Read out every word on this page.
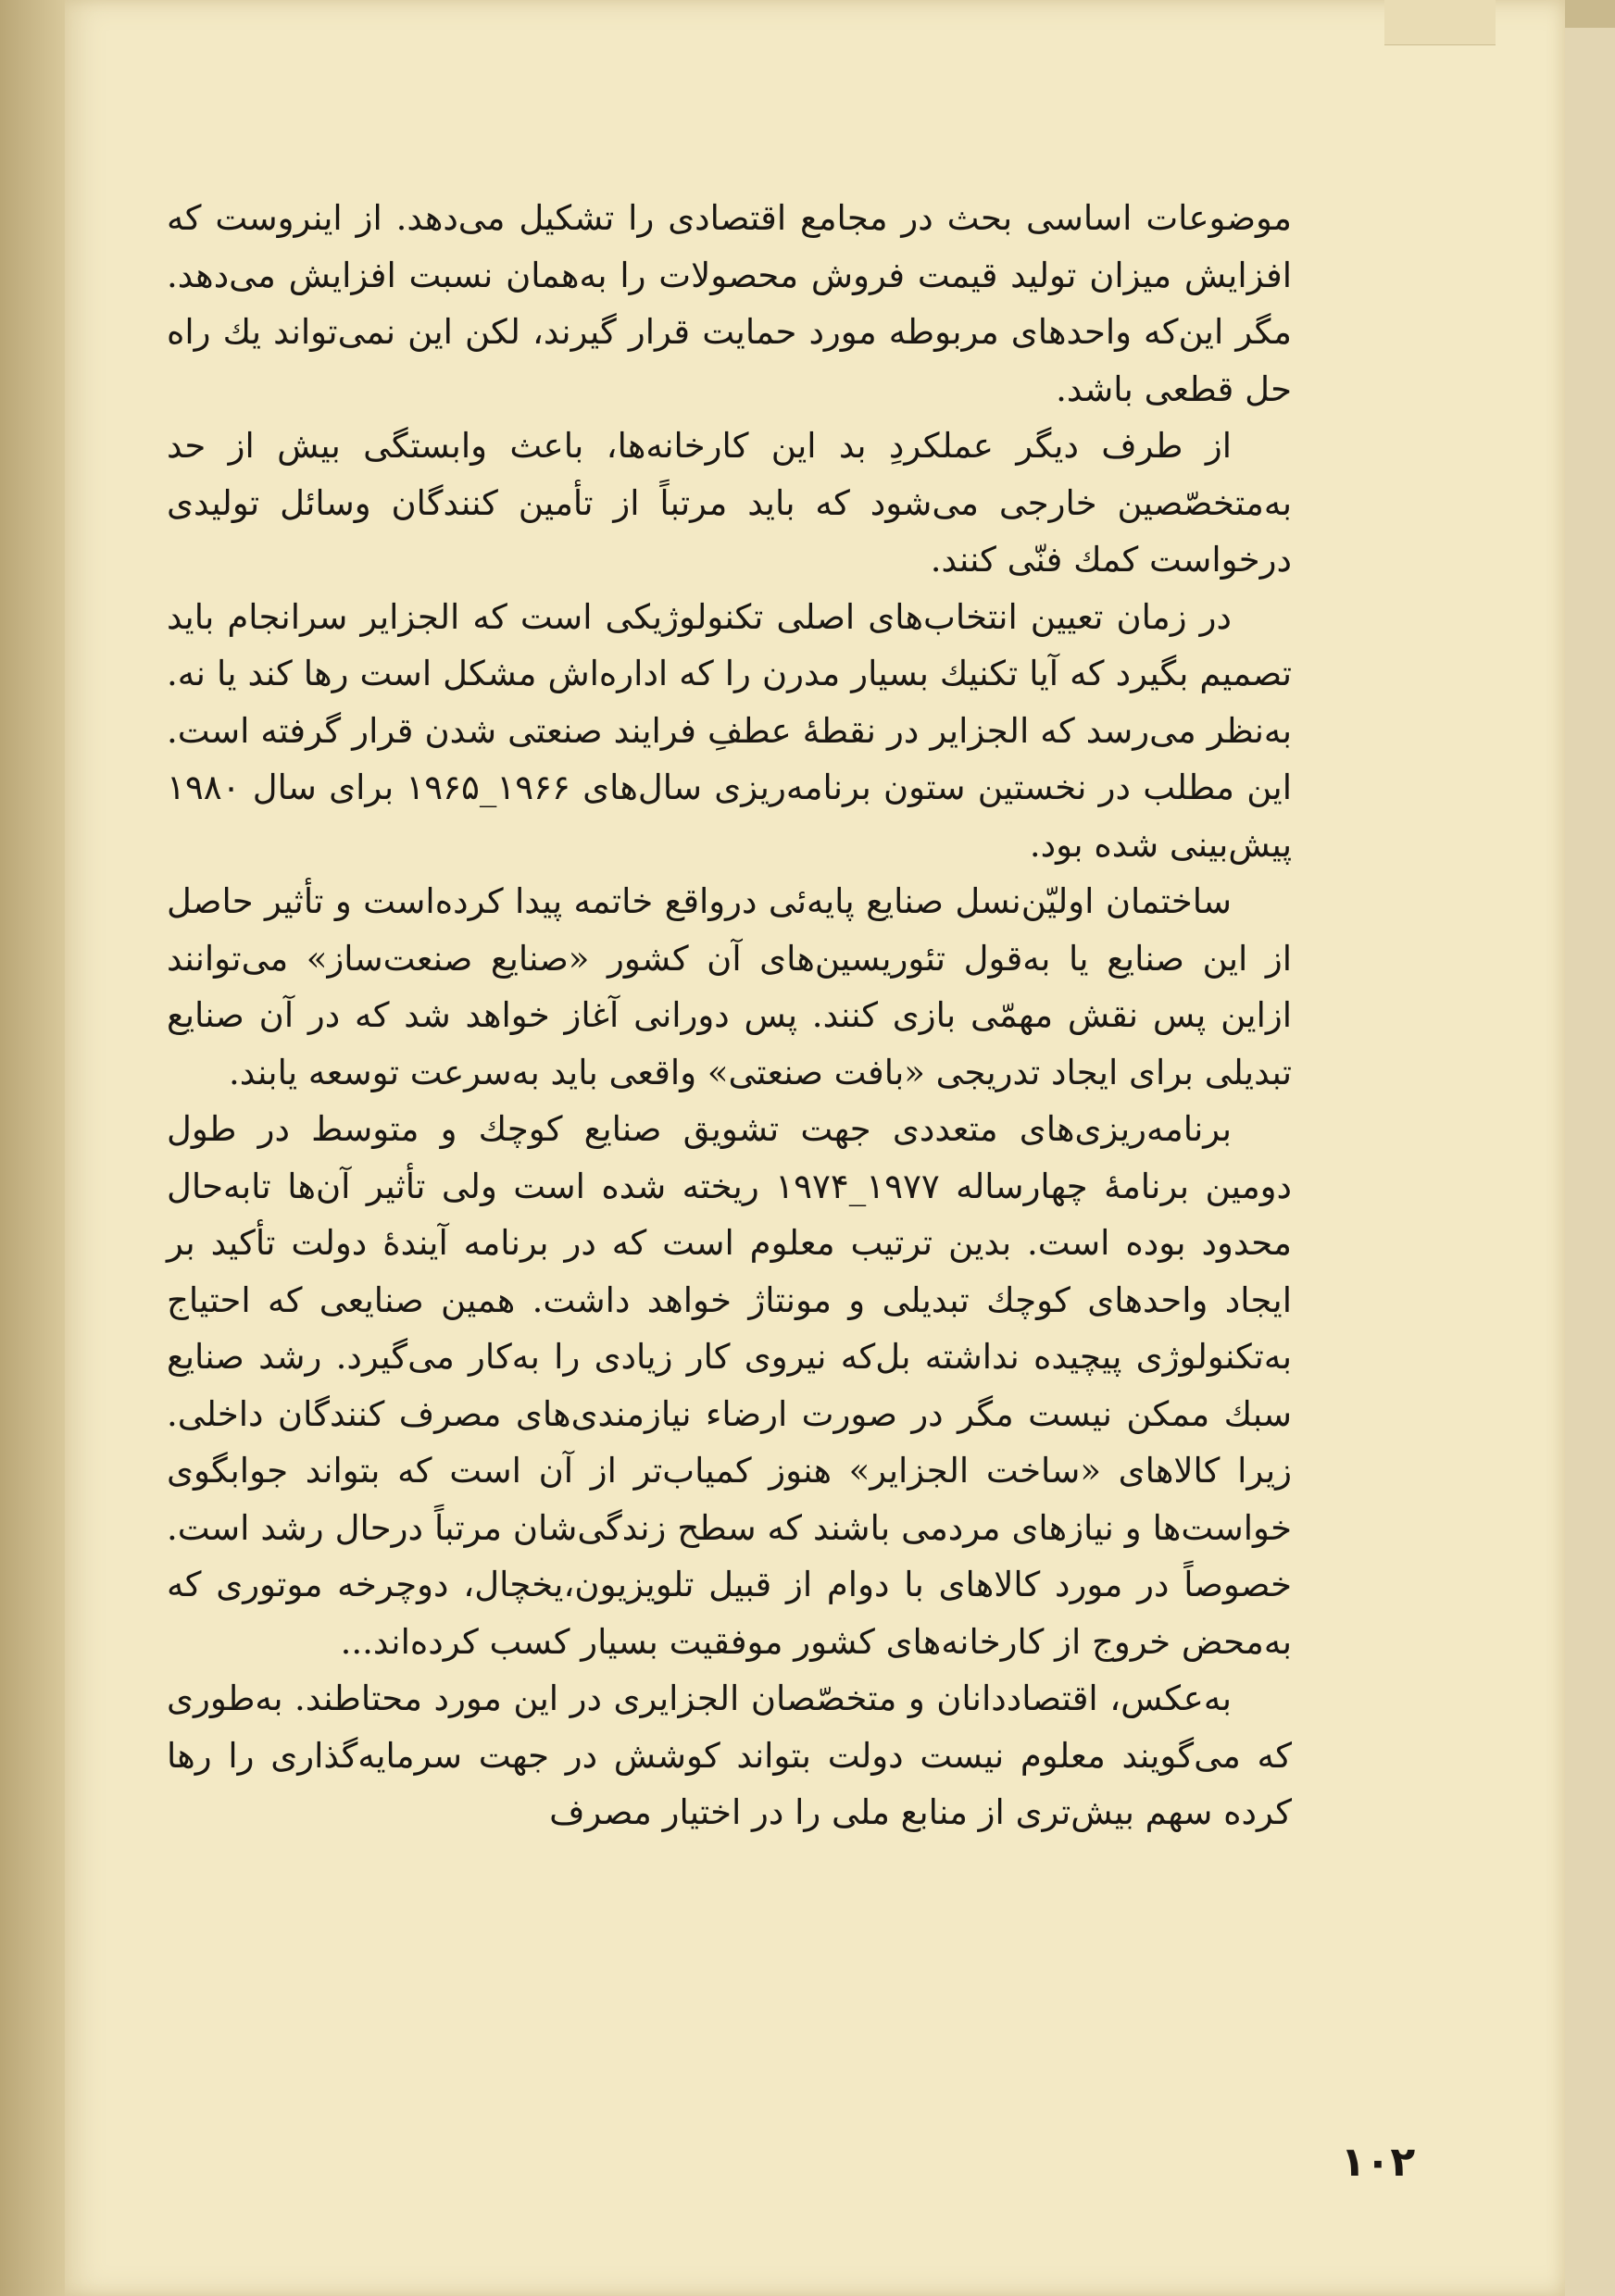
موضوعات اساسی بحث در مجامع اقتصادی را تشکیل می‌دهد. از اینروست که افزایش میزان تولید قیمت فروش محصولات را به‌همان نسبت افزایش می‌دهد. مگر این‌که واحدهای مربوطه مورد حمایت قرار گیرند، لکن این نمی‌تواند یك راه حل قطعی باشد.

از طرف دیگر عملکردِ بد این کارخانه‌ها، باعث وابستگی بیش از حد به‌متخصّصین خارجی می‌شود که باید مرتباً از تأمین کنندگان وسائل تولیدی درخواست کمك فنّی کنند.

در زمان تعیین انتخاب‌های اصلی تکنولوژیکی است که الجزایر سرانجام باید تصمیم بگیرد که آیا تکنیك بسیار مدرن را که اداره‌اش مشکل است رها کند یا نه. به‌نظر می‌رسد که الجزایر در نقطهٔ عطفِ فرایند صنعتی شدن قرار گرفته است. این مطلب در نخستین ستون برنامه‌ریزی سال‌های ۱۹۶۶_۱۹۶۵ برای سال ۱۹۸۰ پیش‌بینی شده بود.

ساختمان اولیّن‌نسل صنایع پایه‌ئی درواقع خاتمه پیدا کرده‌است و تأثیر حاصل از این صنایع یا به‌قول تئوریسین‌های آن کشور «صنایع صنعت‌ساز» می‌توانند ازاین پس نقش مهمّی بازی کنند. پس دورانی آغاز خواهد شد که در آن صنایع تبدیلی برای ایجاد تدریجی «بافت صنعتی» واقعی باید به‌سرعت توسعه یابند.

برنامه‌ریزی‌های متعددی جهت تشویق صنایع کوچك و متوسط در طول دومین برنامهٔ چهارساله ۱۹۷۷_۱۹۷۴ ریخته شده است ولی تأثیر آن‌ها تابه‌حال محدود بوده است. بدین ترتیب معلوم است که در برنامه آیندهٔ دولت تأکید بر ایجاد واحدهای کوچك تبدیلی و مونتاژ خواهد داشت. همین صنایعی که احتیاج به‌تکنولوژی پیچیده نداشته بل‌که نیروی کار زیادی را به‌کار می‌گیرد. رشد صنایع سبك ممکن نیست مگر در صورت ارضاء نیازمندی‌های مصرف کنندگان داخلی. زیرا کالاهای «ساخت الجزایر» هنوز کمیاب‌تر از آن است که بتواند جوابگوی خواست‌ها و نیازهای مردمی باشند که سطح زندگی‌شان مرتباً درحال رشد است. خصوصاً در مورد کالاهای با دوام از قبیل تلویزیون،یخچال، دوچرخه موتوری که به‌محض خروج از کارخانه‌های کشور موفقیت بسیار کسب کرده‌اند...

به‌عکس، اقتصاددانان و متخصّصان الجزایری در این مورد محتاطند. به‌طوری که می‌گویند معلوم نیست دولت بتواند کوشش در جهت سرمایه‌گذاری را رها کرده سهم بیش‌تری از منابع ملی را در اختیار مصرف

۱۰۲
